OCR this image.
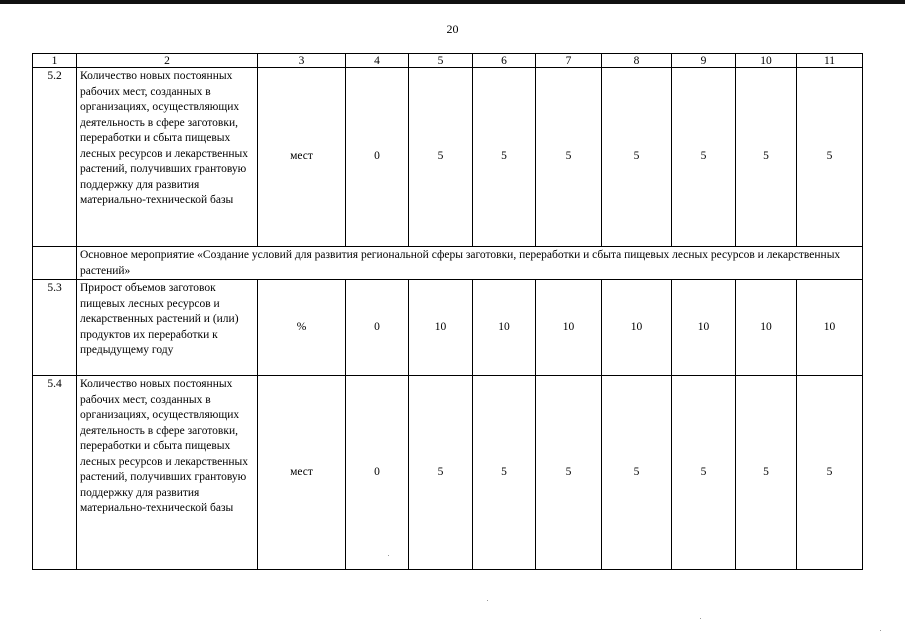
20
1	2	3	4	5	6	7	8	9	10	11
5.2	Количество новых постоянных рабочих мест, созданных в организациях, осуществляющих деятельность в сфере заготовки, переработки и сбыта пищевых лесных ресурсов и лекарственных растений, получивших грантовую поддержку для развития материально-технической базы	мест	0	5	5	5	5	5	5	5
	Основное мероприятие «Создание условий для развития региональной сферы заготовки, переработки и сбыта пищевых лесных ресурсов и лекарственных растений»									
5.3	Прирост объемов заготовок пищевых лесных ресурсов и лекарственных растений и (или) продуктов их переработки к предыдущему году	%	0	10	10	10	10	10	10	10
5.4	Количество новых постоянных рабочих мест, созданных в организациях, осуществляющих деятельность в сфере заготовки, переработки и сбыта пищевых лесных ресурсов и лекарственных растений, получивших грантовую поддержку для развития материально-технической базы	мест	0	5	5	5	5	5	5	5
